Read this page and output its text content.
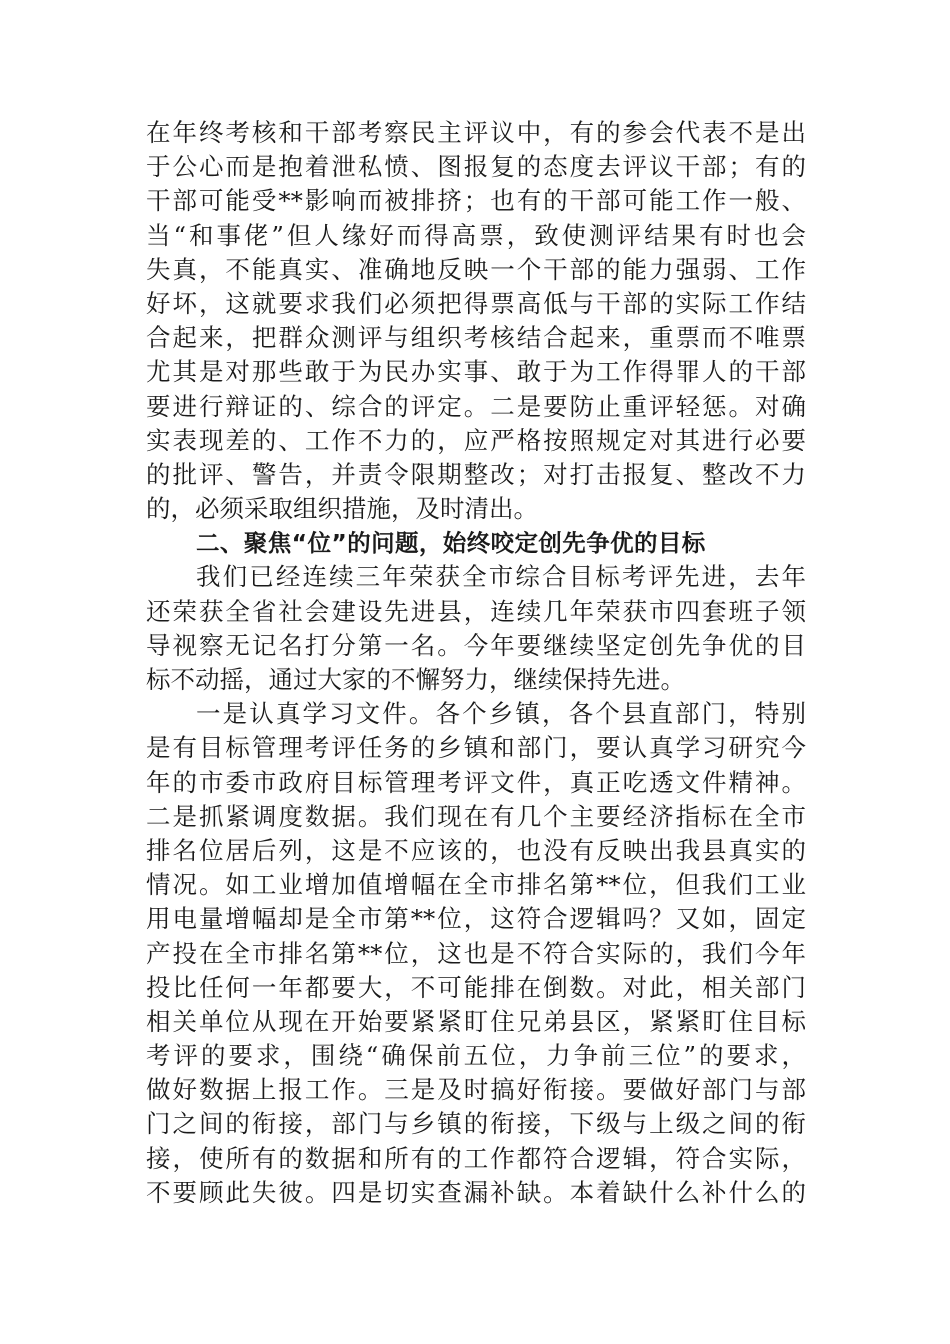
在年终考核和干部考察民主评议中，有的参会代表不是出
于公心而是抱着泄私愤、图报复的态度去评议干部；有的
干部可能受**影响而被排挤；也有的干部可能工作一般、
当“和事佬”但人缘好而得高票，致使测评结果有时也会
失真，不能真实、准确地反映一个干部的能力强弱、工作
好坏，这就要求我们必须把得票高低与干部的实际工作结
合起来，把群众测评与组织考核结合起来，重票而不唯票
尤其是对那些敢于为民办实事、敢于为工作得罪人的干部
要进行辩证的、综合的评定。二是要防止重评轻惩。对确
实表现差的、工作不力的，应严格按照规定对其进行必要
的批评、警告，并责令限期整改；对打击报复、整改不力
的，必须采取组织措施，及时清出。
二、聚焦“位”的问题，始终咬定创先争优的目标
我们已经连续三年荣获全市综合目标考评先进，去年
还荣获全省社会建设先进县，连续几年荣获市四套班子领
导视察无记名打分第一名。今年要继续坚定创先争优的目
标不动摇，通过大家的不懈努力，继续保持先进。
一是认真学习文件。各个乡镇，各个县直部门，特别
是有目标管理考评任务的乡镇和部门，要认真学习研究今
年的市委市政府目标管理考评文件，真正吃透文件精神。
二是抓紧调度数据。我们现在有几个主要经济指标在全市
排名位居后列，这是不应该的，也没有反映出我县真实的
情况。如工业增加值增幅在全市排名第**位，但我们工业
用电量增幅却是全市第**位，这符合逻辑吗？又如，固定
产投在全市排名第**位，这也是不符合实际的，我们今年
投比任何一年都要大，不可能排在倒数。对此，相关部门
相关单位从现在开始要紧紧盯住兄弟县区，紧紧盯住目标
考评的要求，围绕“确保前五位，力争前三位”的要求，
做好数据上报工作。三是及时搞好衔接。要做好部门与部
门之间的衔接，部门与乡镇的衔接，下级与上级之间的衔
接，使所有的数据和所有的工作都符合逻辑，符合实际，
不要顾此失彼。四是切实查漏补缺。本着缺什么补什么的
